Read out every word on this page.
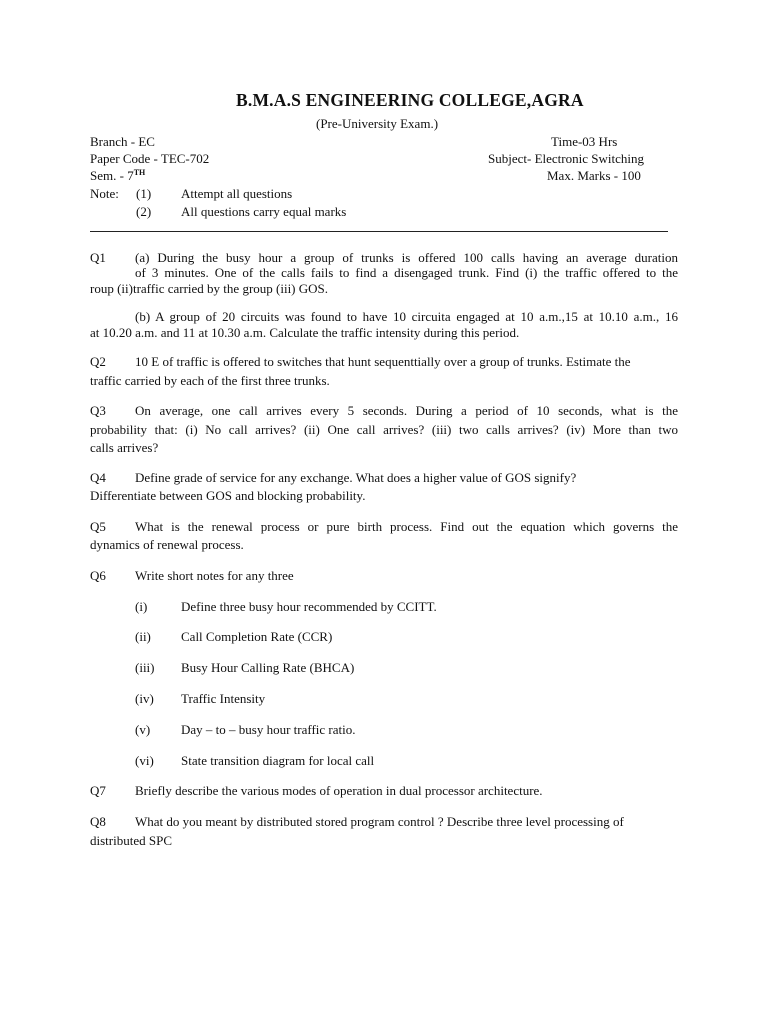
B.M.A.S ENGINEERING COLLEGE,AGRA
(Pre-University Exam.)
Branch - EC	Time-03 Hrs
Paper Code - TEC-702	Subject- Electronic Switching
Sem. - 7TH	Max. Marks - 100
Note: (1) Attempt all questions
(2) All questions carry equal marks
Q1 (a) During the busy hour a group of trunks is offered 100 calls having an average duration
of 3 minutes. One of the calls fails to find a disengaged trunk. Find (i) the traffic offered to the
roup (ii)traffic carried by the group (iii) GOS.
(b) A group of 20 circuits was found to have 10 circuita engaged at 10 a.m.,15 at 10.10 a.m., 16
at 10.20 a.m. and 11 at 10.30 a.m. Calculate the traffic intensity during this period.
Q2 10 E of traffic is offered to switches that hunt sequenttially over a group of trunks. Estimate the
traffic carried by each of the first three trunks.
Q3 On average, one call arrives every 5 seconds. During a period of 10 seconds, what is the
probability that: (i) No call arrives? (ii) One call arrives? (iii) two calls arrives? (iv) More than two
calls arrives?
Q4 Define grade of service for any exchange. What does a higher value of GOS signify?
Differentiate between GOS and blocking probability.
Q5 What is the renewal process or pure birth process. Find out the equation which governs the
dynamics of renewal process.
Q6 Write short notes for any three
(i)	Define three busy hour recommended by CCITT.
(ii) Call Completion Rate (CCR)
(iii) Busy Hour Calling Rate (BHCA)
(iv) Traffic Intensity
(v) Day – to – busy hour traffic ratio.
(vi) State transition diagram for local call
Q7 Briefly describe the various modes of operation in dual processor architecture.
Q8 What do you meant by distributed stored program control ? Describe three level processing of
distributed SPC
